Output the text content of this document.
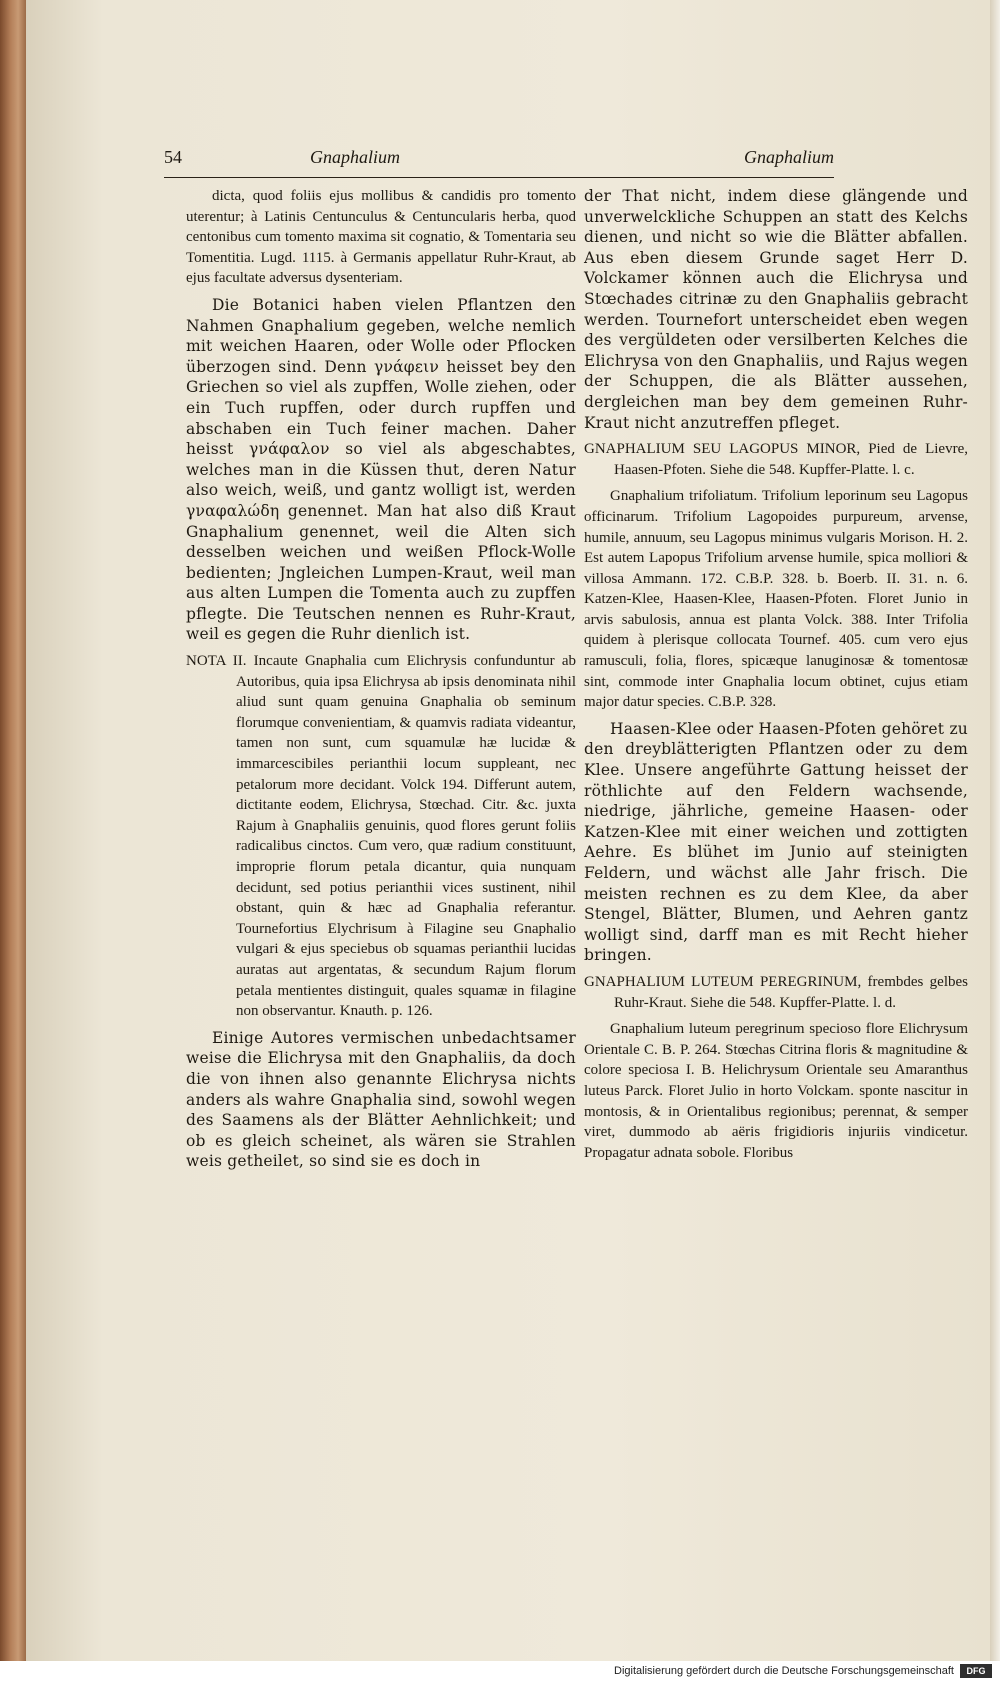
54	Gnaphalium	Gnaphalium

dicta, quod foliis ejus mollibus & candidis pro tomento uterentur; à Latinis Centunculus & Centuncularis herba, quod centonibus cum tomento maxima sit cognatio, & Tomentaria seu Tomentitia. Lugd. 1115. à Germanis appellatur Ruhr-Kraut, ab ejus facultate adversus dysenteriam.

Die Botanici haben vielen Pflantzen den Nahmen Gnaphalium gegeben, welche nemlich mit weichen Haaren, oder Wolle oder Pflocken überzogen sind. Denn γνάφειν heisset bey den Griechen so viel als zupffen, Wolle ziehen, oder ein Tuch rupffen, oder durch rupffen und abschaben ein Tuch feiner machen. Daher heisst γνάφαλον so viel als abgeschabtes, welches man in die Küssen thut, deren Natur also weich, weiß, und gantz wolligt ist, werden γναφαλώδη genennet. Man hat also diß Kraut Gnaphalium genennet, weil die Alten sich desselben weichen und weißen Pflock-Wolle bedienten; Jngleichen Lumpen-Kraut, weil man aus alten Lumpen die Tomenta auch zu zupffen pflegte. Die Teutschen nennen es Ruhr-Kraut, weil es gegen die Ruhr dienlich ist.

NOTA II. Incaute Gnaphalia cum Elichrysis confunduntur ab Autoribus, quia ipsa Elichrysa ab ipsis denominata nihil aliud sunt quam genuina Gnaphalia ob seminum florumque convenientiam, & quamvis radiata videantur, tamen non sunt, cum squamulæ hæ lucidæ & immarcescibiles perianthii locum suppleant, nec petalorum more decidant. Volck 194. Differunt autem, dictitante eodem, Elichrysa, Stœchad. Citr. &c. juxta Rajum à Gnaphaliis genuinis, quod flores gerunt foliis radicalibus cinctos. Cum vero, quæ radium constituunt, improprie florum petala dicantur, quia nunquam decidunt, sed potius perianthii vices sustinent, nihil obstant, quin & hæc ad Gnaphalia referantur. Tournefortius Elychrisum à Filagine seu Gnaphalio vulgari & ejus speciebus ob squamas perianthii lucidas auratas aut argentatas, & secundum Rajum florum petala mentientes distinguit, quales squamæ in filagine non observantur. Knauth. p. 126.

Einige Autores vermischen unbedachtsamer weise die Elichrysa mit den Gnaphaliis, da doch die von ihnen also genannte Elichrysa nichts anders als wahre Gnaphalia sind, sowohl wegen des Saamens als der Blätter Aehnlichkeit; und ob es gleich scheinet, als wären sie Strahlen weis getheilet, so sind sie es doch in

der That nicht, indem diese glängende und unverwelckliche Schuppen an statt des Kelchs dienen, und nicht so wie die Blätter abfallen. Aus eben diesem Grunde saget Herr D. Volckamer können auch die Elichrysa und Stœchades citrinæ zu den Gnaphaliis gebracht werden. Tournefort unterscheidet eben wegen des vergüldeten oder versilberten Kelches die Elichrysa von den Gnaphaliis, und Rajus wegen der Schuppen, die als Blätter aussehen, dergleichen man bey dem gemeinen Ruhr-Kraut nicht anzutreffen pfleget.

GNAPHALIUM SEU LAGOPUS MINOR, Pied de Lievre, Haasen-Pfoten. Siehe die 548. Kupffer-Platte. l. c.

Gnaphalium trifoliatum. Trifolium leporinum seu Lagopus officinarum. Trifolium Lagopoides purpureum, arvense, humile, annuum, seu Lagopus minimus vulgaris Morison. H. 2. Est autem Lapopus Trifolium arvense humile, spica molliori & villosa Ammann. 172. C.B.P. 328. b. Boerb. II. 31. n. 6. Katzen-Klee, Haasen-Klee, Haasen-Pfoten. Floret Junio in arvis sabulosis, annua est planta Volck. 388. Inter Trifolia quidem à plerisque collocata Tournef. 405. cum vero ejus ramusculi, folia, flores, spicæque lanuginosæ & tomentosæ sint, commode inter Gnaphalia locum obtinet, cujus etiam major datur species. C.B.P. 328.

Haasen-Klee oder Haasen-Pfoten gehöret zu den dreyblätterigten Pflantzen oder zu dem Klee. Unsere angeführte Gattung heisset der röthlichte auf den Feldern wachsende, niedrige, jährliche, gemeine Haasen- oder Katzen-Klee mit einer weichen und zottigten Aehre. Es blühet im Junio auf steinigten Feldern, und wächst alle Jahr frisch. Die meisten rechnen es zu dem Klee, da aber Stengel, Blätter, Blumen, und Aehren gantz wolligt sind, darff man es mit Recht hieher bringen.

GNAPHALIUM LUTEUM PEREGRINUM, frembdes gelbes Ruhr-Kraut. Siehe die 548. Kupffer-Platte. l. d.

Gnaphalium luteum peregrinum specioso flore Elichrysum Orientale C. B. P. 264. Stœchas Citrina floris & magnitudine & colore speciosa I. B. Helichrysum Orientale seu Amaranthus luteus Parck. Floret Julio in horto Volckam. sponte nascitur in montosis, & in Orientalibus regionibus; perennat, & semper viret, dummodo ab aëris frigidioris injuriis vindicetur. Propagatur adnata sobole. Floribus

Digitalisierung gefördert durch die Deutsche Forschungsgemeinschaft	DFG
